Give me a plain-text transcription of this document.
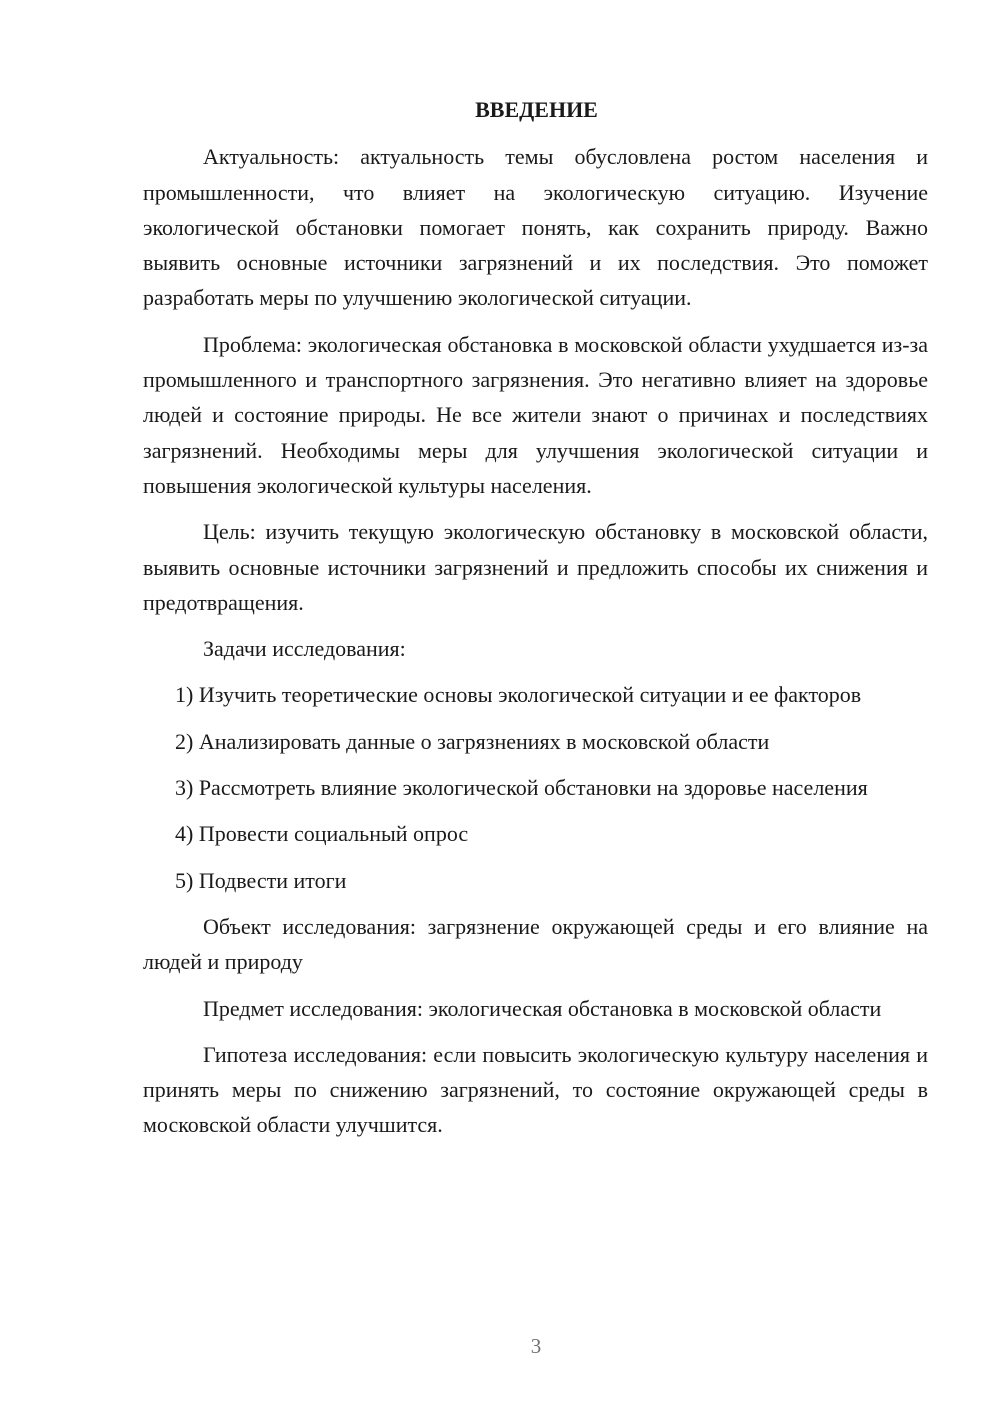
ВВЕДЕНИЕ

Актуальность: актуальность темы обусловлена ростом населения и промышленности, что влияет на экологическую ситуацию. Изучение экологической обстановки помогает понять, как сохранить природу. Важно выявить основные источники загрязнений и их последствия. Это поможет разработать меры по улучшению экологической ситуации.

Проблема: экологическая обстановка в московской области ухудшается из-за промышленного и транспортного загрязнения. Это негативно влияет на здоровье людей и состояние природы. Не все жители знают о причинах и последствиях загрязнений. Необходимы меры для улучшения экологической ситуации и повышения экологической культуры населения.

Цель: изучить текущую экологическую обстановку в московской области, выявить основные источники загрязнений и предложить способы их снижения и предотвращения.

Задачи исследования:

1) Изучить теоретические основы экологической ситуации и ее факторов

2) Анализировать данные о загрязнениях в московской области

3) Рассмотреть влияние экологической обстановки на здоровье населения

4) Провести социальный опрос

5) Подвести итоги

Объект исследования: загрязнение окружающей среды и его влияние на людей и природу

Предмет исследования: экологическая обстановка в московской области

Гипотеза исследования: если повысить экологическую культуру населения и принять меры по снижению загрязнений, то состояние окружающей среды в московской области улучшится.

3
